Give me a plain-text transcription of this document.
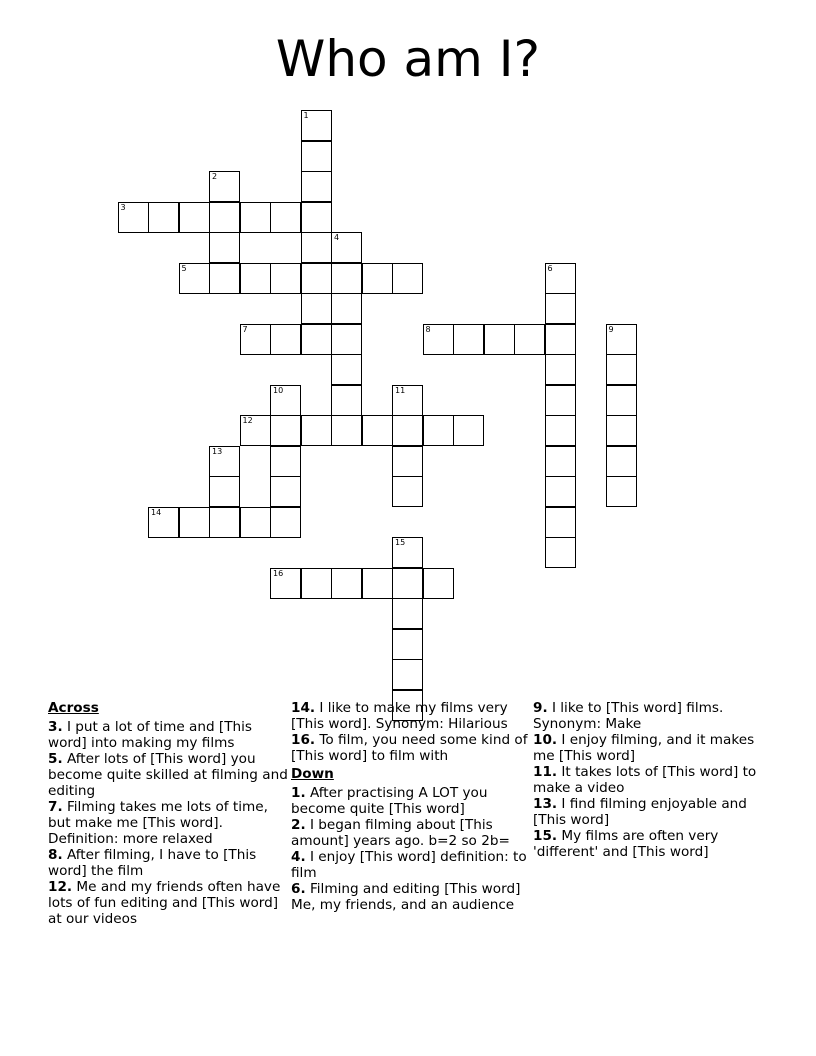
Who am I?
1
2
3
4
5	6
7	8	9
10	11
12
13
14
15
16
Across
3. I put a lot of time and [This word] into making my films
5. After lots of [This word] you become quite skilled at filming and editing
7. Filming takes me lots of time, but make me [This word]. Definition: more relaxed
8. After filming, I have to [This word] the film
12. Me and my friends often have lots of fun editing and [This word] at our videos
14. I like to make my films very [This word]. Synonym: Hilarious
16. To film, you need some kind of [This word] to film with
Down
1. After practising A LOT you become quite [This word]
2. I began filming about [This amount] years ago. b=2 so 2b=
4. I enjoy [This word] definition: to film
6. Filming and editing [This word] Me, my friends, and an audience
9. I like to [This word] films. Synonym: Make
10. I enjoy filming, and it makes me [This word]
11. It takes lots of [This word] to make a video
13. I find filming enjoyable and [This word]
15. My films are often very 'different' and [This word]
